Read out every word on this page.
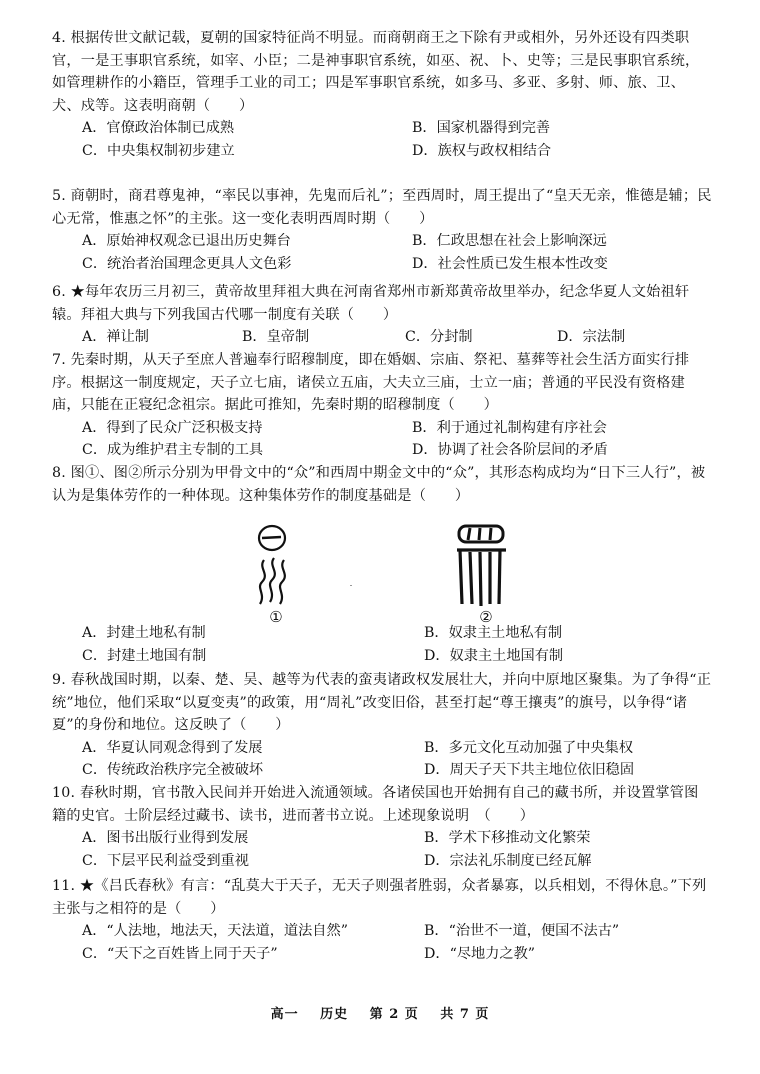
4. 根据传世文献记载，夏朝的国家特征尚不明显。而商朝商王之下除有尹或相外，另外还设有四类职官，一是王事职官系统，如宰、小臣；二是神事职官系统，如巫、祝、卜、史等；三是民事职官系统，如管理耕作的小籍臣，管理手工业的司工；四是军事职官系统，如多马、多亚、多射、师、旅、卫、犬、戍等。这表明商朝（　　）

A．官僚政治体制已成熟	B．国家机器得到完善
C．中央集权制初步建立	D．族权与政权相结合

5. 商朝时，商君尊鬼神，“率民以事神，先鬼而后礼”；至西周时，周王提出了“皇天无亲，惟德是辅；民心无常，惟惠之怀”的主张。这一变化表明西周时期（　　）

A．原始神权观念已退出历史舞台	B．仁政思想在社会上影响深远
C．统治者治国理念更具人文色彩	D．社会性质已发生根本性改变

6. ★每年农历三月初三，黄帝故里拜祖大典在河南省郑州市新郑黄帝故里举办，纪念华夏人文始祖轩辕。拜祖大典与下列我国古代哪一制度有关联（　　）

A．禅让制	B．皇帝制	C．分封制	D．宗法制

7. 先秦时期，从天子至庶人普遍奉行昭穆制度，即在婚姻、宗庙、祭祀、墓葬等社会生活方面实行排序。根据这一制度规定，天子立七庙，诸侯立五庙，大夫立三庙，士立一庙；普通的平民没有资格建庙，只能在正寝纪念祖宗。据此可推知，先秦时期的昭穆制度（　　）

A．得到了民众广泛积极支持	B．利于通过礼制构建有序社会
C．成为维护君主专制的工具	D．协调了社会各阶层间的矛盾

8. 图①、图②所示分别为甲骨文中的“众”和西周中期金文中的“众”，其形态构成均为“日下三人行”，被认为是集体劳作的一种体现。这种集体劳作的制度基础是（　　）

①	②
A．封建土地私有制	B．奴隶主土地私有制
C．封建土地国有制	D．奴隶主土地国有制

9. 春秋战国时期，以秦、楚、吴、越等为代表的蛮夷诸政权发展壮大，并向中原地区聚集。为了争得“正统”地位，他们采取“以夏变夷”的政策，用“周礼”改变旧俗，甚至打起“尊王攘夷”的旗号，以争得“诸夏”的身份和地位。这反映了（　　）

A．华夏认同观念得到了发展	B．多元文化互动加强了中央集权
C．传统政治秩序完全被破坏	D．周天子天下共主地位依旧稳固

10. 春秋时期，官书散入民间并开始进入流通领域。各诸侯国也开始拥有自己的藏书所，并设置掌管图籍的史官。士阶层经过藏书、读书，进而著书立说。上述现象说明　（　　）

A．图书出版行业得到发展	B．学术下移推动文化繁荣
C．下层平民利益受到重视	D．宗法礼乐制度已经瓦解

11. ★《吕氏春秋》有言：“乱莫大于天子，无天子则强者胜弱，众者暴寡，以兵相划，不得休息。”下列主张与之相符的是（　　）

A．“人法地，地法天，天法道，道法自然”	B．“治世不一道，便国不法古”
C．“天下之百姓皆上同于天子”	D．“尽地力之教”
高一 历史 第 2 页 共 7 页
